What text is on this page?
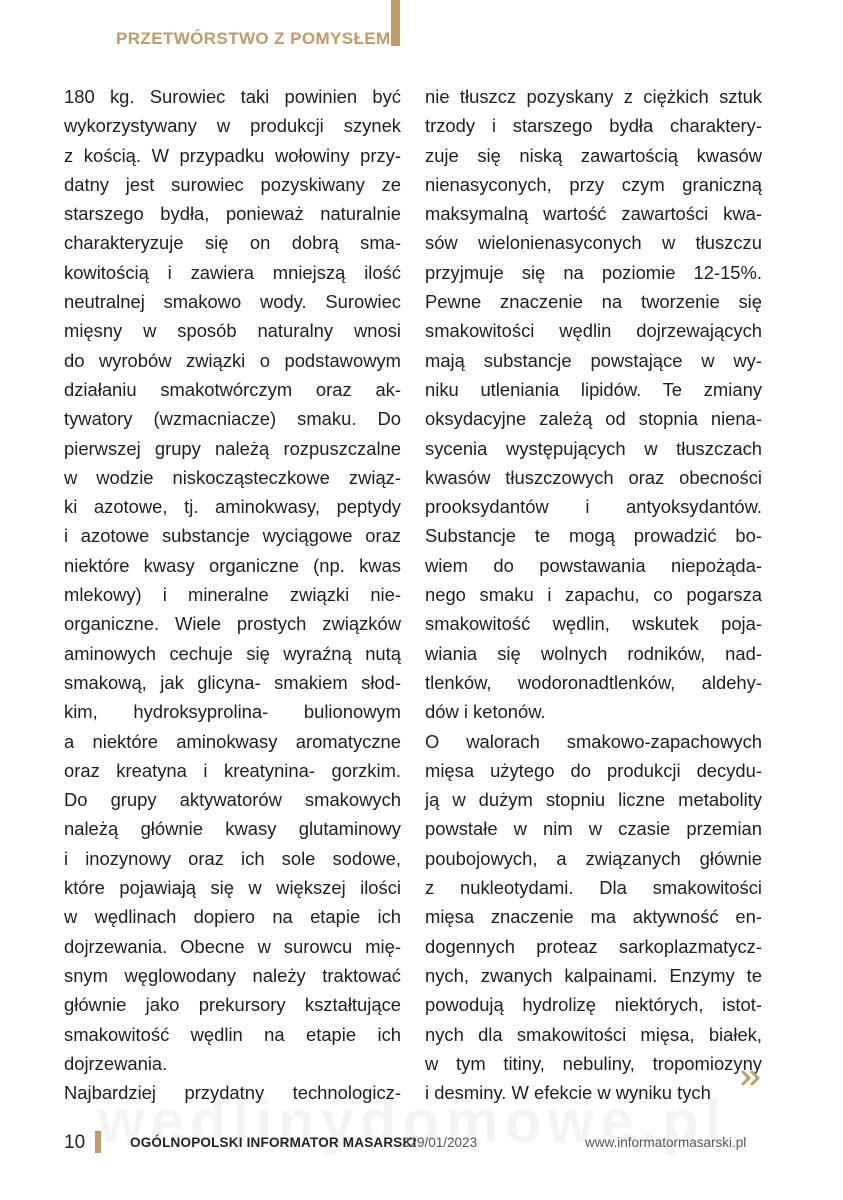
PRZETWÓRSTWO Z POMYSŁEM
180 kg. Surowiec taki powinien być
wykorzystywany w produkcji szynek
z kością. W przypadku wołowiny przy-
datny jest surowiec pozyskiwany ze
starszego bydła, ponieważ naturalnie
charakteryzuje się on dobrą sma-
kowitością i zawiera mniejszą ilość
neutralnej smakowo wody. Surowiec
mięsny w sposób naturalny wnosi
do wyrobów związki o podstawowym
działaniu smakotwórczym oraz ak-
tywatory (wzmacniacze) smaku. Do
pierwszej grupy należą rozpuszczalne
w wodzie niskocząsteczkowe związ-
ki azotowe, tj. aminokwasy, peptydy
i azotowe substancje wyciągowe oraz
niektóre kwasy organiczne (np. kwas
mlekowy) i mineralne związki nie-
organiczne. Wiele prostych związków
aminowych cechuje się wyraźną nutą
smakową, jak glicyna- smakiem słod-
kim, hydroksyprolina- bulionowym
a niektóre aminokwasy aromatyczne
oraz kreatyna i kreatynina- gorzkim.
Do grupy aktywatorów smakowych
należą głównie kwasy glutaminowy
i inozynowy oraz ich sole sodowe,
które pojawiają się w większej ilości
w wędlinach dopiero na etapie ich
dojrzewania. Obecne w surowcu mię-
snym węglowodany należy traktować
głównie jako prekursory kształtujące
smakowitość wędlin na etapie ich
dojrzewania.
Najbardziej przydatny technologicz-
nie tłuszcz pozyskany z ciężkich sztuk
trzody i starszego bydła charaktery-
zuje się niską zawartością kwasów
nienasyconych, przy czym graniczną
maksymalną wartość zawartości kwa-
sów wielonienasyconych w tłuszczu
przyjmuje się na poziomie 12-15%.
Pewne znaczenie na tworzenie się
smakowitości wędlin dojrzewających
mają substancje powstające w wy-
niku utleniania lipidów. Te zmiany
oksydacyjne zależą od stopnia niena-
sycenia występujących w tłuszczach
kwasów tłuszczowych oraz obecności
prooksydantów i antyoksydantów.
Substancje te mogą prowadzić bo-
wiem do powstawania niepożąda-
nego smaku i zapachu, co pogarsza
smakowitość wędlin, wskutek poja-
wiania się wolnych rodników, nad-
tlenków, wodoronadtlenków, aldehy-
dów i ketonów.
O walorach smakowo-zapachowych
mięsa użytego do produkcji decydu-
ją w dużym stopniu liczne metabolity
powstałe w nim w czasie przemian
poubojowych, a związanych głównie
z nukleotydami. Dla smakowitości
mięsa znaczenie ma aktywność en-
dogennych proteaz sarkoplazmatycz-
nych, zwanych kalpainami. Enzymy te
powodują hydrolizę niektórych, istot-
nych dla smakowitości mięsa, białek,
w tym titiny, nebuliny, tropomiozyny
i desminy. W efekcie w wyniku tych
10	OGÓLNOPOLSKI INFORMATOR MASARSKI
329/01/2023	www.informatormasarski.pl
